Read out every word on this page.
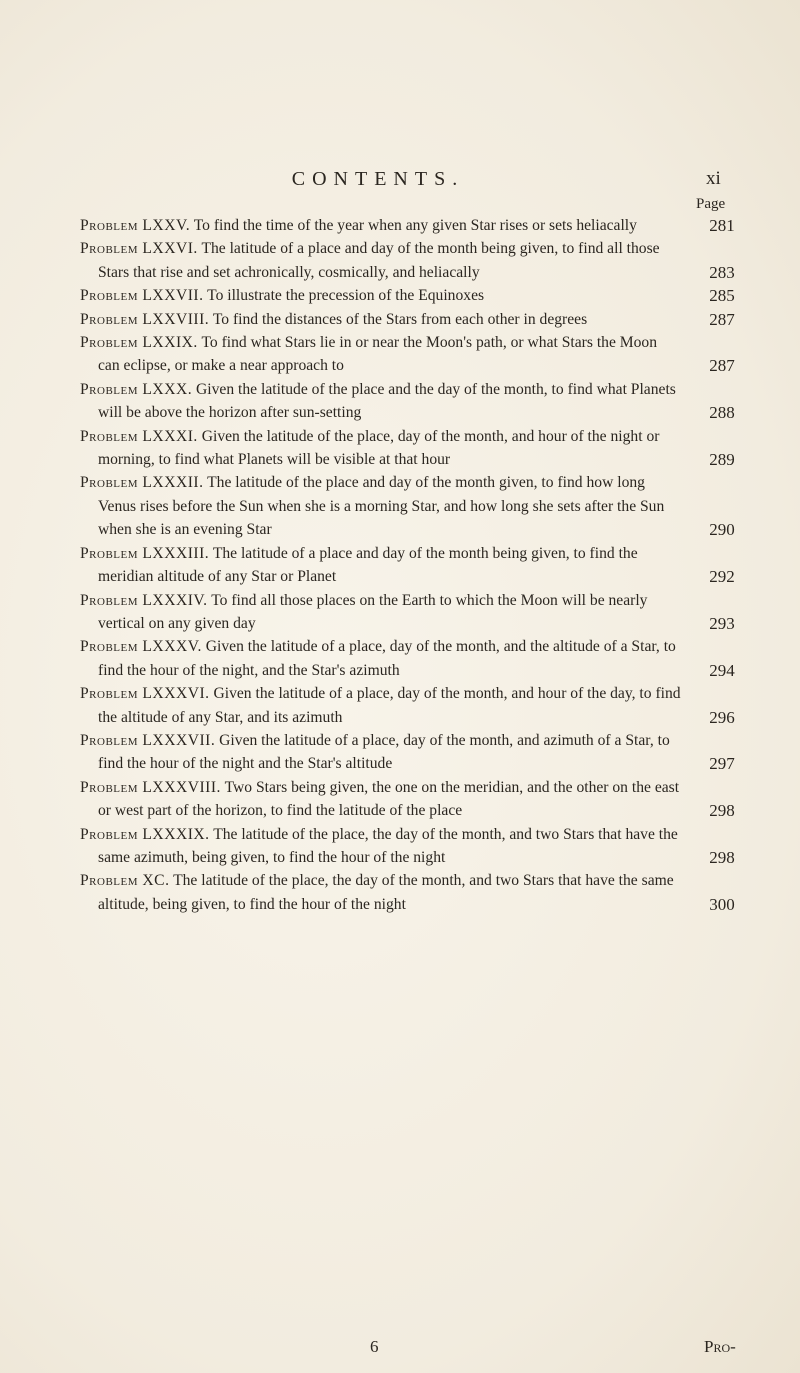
CONTENTS.	xi
Page
Problem LXXV. To find the time of the year when any given Star rises or sets heliacally	281
Problem LXXVI. The latitude of a place and day of the month being given, to find all those Stars that rise and set achronically, cosmically, and heliacally	283
Problem LXXVII. To illustrate the precession of the Equinoxes	285
Problem LXXVIII. To find the distances of the Stars from each other in degrees	287
Problem LXXIX. To find what Stars lie in or near the Moon's path, or what Stars the Moon can eclipse, or make a near approach to	287
Problem LXXX. Given the latitude of the place and the day of the month, to find what Planets will be above the horizon after sun-setting	288
Problem LXXXI. Given the latitude of the place, day of the month, and hour of the night or morning, to find what Planets will be visible at that hour	289
Problem LXXXII. The latitude of the place and day of the month given, to find how long Venus rises before the Sun when she is a morning Star, and how long she sets after the Sun when she is an evening Star	290
Problem LXXXIII. The latitude of a place and day of the month being given, to find the meridian altitude of any Star or Planet	292
Problem LXXXIV. To find all those places on the Earth to which the Moon will be nearly vertical on any given day	293
Problem LXXXV. Given the latitude of a place, day of the month, and the altitude of a Star, to find the hour of the night, and the Star's azimuth	294
Problem LXXXVI. Given the latitude of a place, day of the month, and hour of the day, to find the altitude of any Star, and its azimuth	296
Problem LXXXVII. Given the latitude of a place, day of the month, and azimuth of a Star, to find the hour of the night and the Star's altitude	297
Problem LXXXVIII. Two Stars being given, the one on the meridian, and the other on the east or west part of the horizon, to find the latitude of the place	298
Problem LXXXIX. The latitude of the place, the day of the month, and two Stars that have the same azimuth, being given, to find the hour of the night	298
Problem XC. The latitude of the place, the day of the month, and two Stars that have the same altitude, being given, to find the hour of the night	300
6	Pro-
